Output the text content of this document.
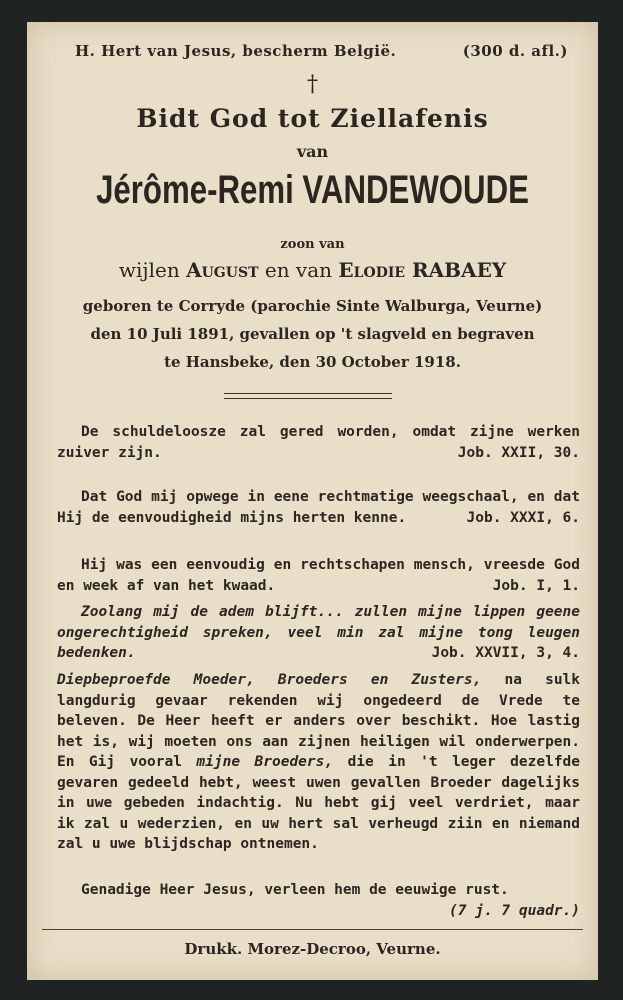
H. Hert van Jesus, bescherm België.	(300 d. afl.)
†
Bidt God tot Ziellafenis
van
Jérôme-Remi VANDEWOUDE
zoon van
wijlen August en van Elodie RABAEY
geboren te Corryde (parochie Sinte Walburga, Veurne)
den 10 Juli 1891, gevallen op 't slagveld en begraven
te Hansbeke, den 30 October 1918.
De schuldeloosze zal gered worden, omdat zijne werken zuiver zijn.	Job. XXII, 30.
Dat God mij opwege in eene rechtmatige weegschaal, en dat Hij de eenvoudigheid mijns herten kenne.	Job. XXXI, 6.
Hij was een eenvoudig en rechtschapen mensch, vreesde God en week af van het kwaad.	Job. I, 1.
Zoolang mij de adem blijft... zullen mijne lippen geene ongerechtigheid spreken, veel min zal mijne tong leugen bedenken.	Job. XXVII, 3, 4.
Diepbeproefde Moeder, Broeders en Zusters, na sulk langdurig gevaar rekenden wij ongedeerd de Vrede te beleven. De Heer heeft er anders over beschikt. Hoe lastig het is, wij moeten ons aan zijnen heiligen wil onderwerpen. En Gij vooral mijne Broeders, die in 't leger dezelfde gevaren gedeeld hebt, weest uwen gevallen Broeder dagelijks in uwe gebeden indachtig. Nu hebt gij veel verdriet, maar ik zal u wederzien, en uw hert sal verheugd ziin en niemand zal u uwe blijdschap ontnemen.
Genadige Heer Jesus, verleen hem de eeuwige rust.
(7 j. 7 quadr.)
Drukk. Morez-Decroo, Veurne.
